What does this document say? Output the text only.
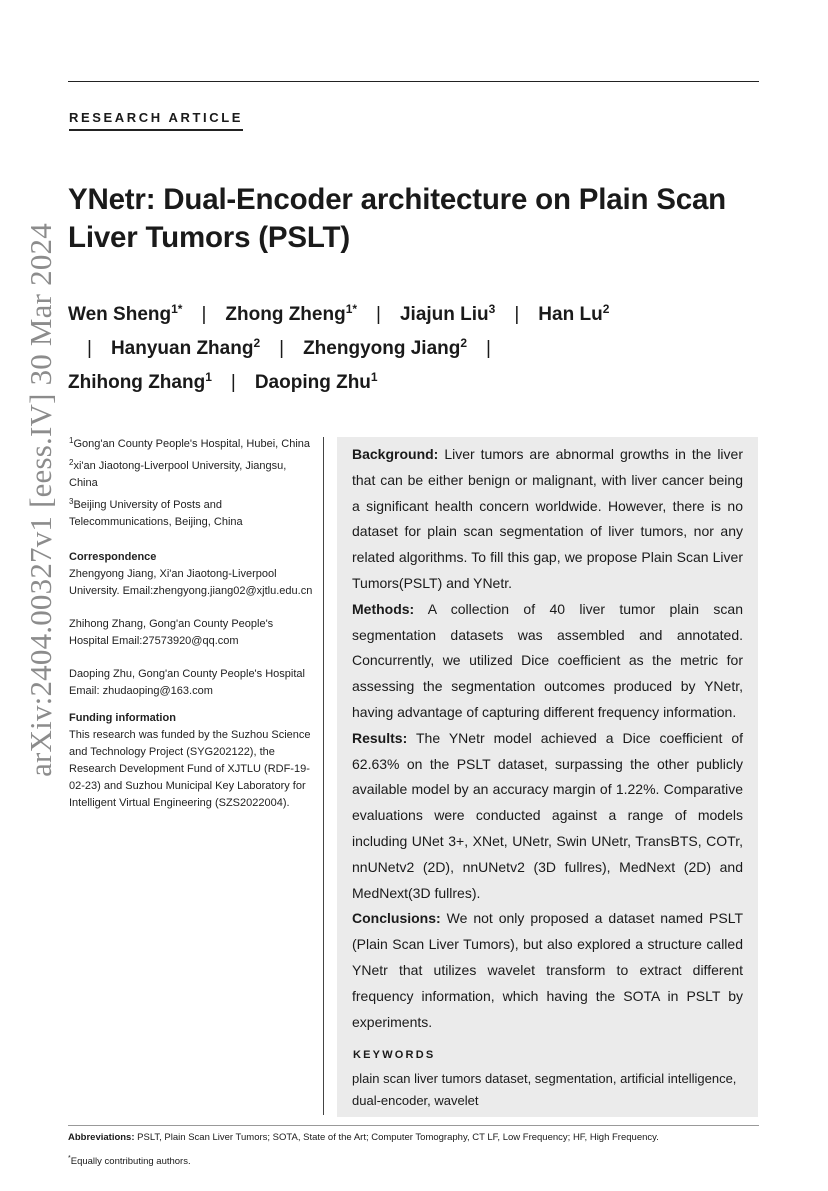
RESEARCH ARTICLE
arXiv:2404.00327v1 [eess.IV] 30 Mar 2024
YNetr: Dual-Encoder architecture on Plain Scan Liver Tumors (PSLT)
Wen Sheng$^{1*}$ | Zhong Zheng$^{1*}$ | Jiajun Liu$^3$ | Han Lu$^2$| Hanyuan Zhang$^2$ | Zhengyong Jiang$^2$ |Zhihong Zhang$^1$ | Daoping Zhu$^1$

$^1$Gong'an County People's Hospital, Hubei, China

$^2$xi'an Jiaotong-Liverpool University, Jiangsu, China

$^3$Beijing University of Posts and Telecommunications, Beijing, China

Correspondence

Zhengyong Jiang, Xi'an Jiaotong-Liverpool University. Email:zhengyong.jiang02@xjtlu.edu.cn

Zhihong Zhang, Gong'an County People's Hospital Email:27573920@qq.com

Daoping Zhu, Gong'an County People's Hospital Email: zhudaoping@163.com

Funding information

This research was funded by the Suzhou Science and Technology Project (SYG202122), the Research Development Fund of XJTLU (RDF-19-02-23) and Suzhou Municipal Key Laboratory for Intelligent Virtual Engineering (SZS2022004).

Background: Liver tumors are abnormal growths in the liver that can be either benign or malignant, with liver cancer being a significant health concern worldwide. However, there is no dataset for plain scan segmentation of liver tumors, nor any related algorithms. To fill this gap, we propose Plain Scan Liver Tumors(PSLT) and YNetr.

Methods: A collection of 40 liver tumor plain scan segmentation datasets was assembled and annotated. Concurrently, we utilized Dice coefficient as the metric for assessing the segmentation outcomes produced by YNetr, having advantage of capturing different frequency information.

Results: The YNetr model achieved a Dice coefficient of 62.63% on the PSLT dataset, surpassing the other publicly available model by an accuracy margin of 1.22%. Comparative evaluations were conducted against a range of models including UNet 3+, XNet, UNetr, Swin UNetr, TransBTS, COTr, nnUNetv2 (2D), nnUNetv2 (3D fullres), MedNext (2D) and MedNext(3D fullres).

Conclusions: We not only proposed a dataset named PSLT (Plain Scan Liver Tumors), but also explored a structure called YNetr that utilizes wavelet transform to extract different frequency information, which having the SOTA in PSLT by experiments.

KEYWORDS
plain scan liver tumors dataset, segmentation, artificial intelligence, dual-encoder, wavelet
Abbreviations: PSLT, Plain Scan Liver Tumors; SOTA, State of the Art; Computer Tomography, CT LF, Low Frequency; HF, High Frequency.
*Equally contributing authors.
